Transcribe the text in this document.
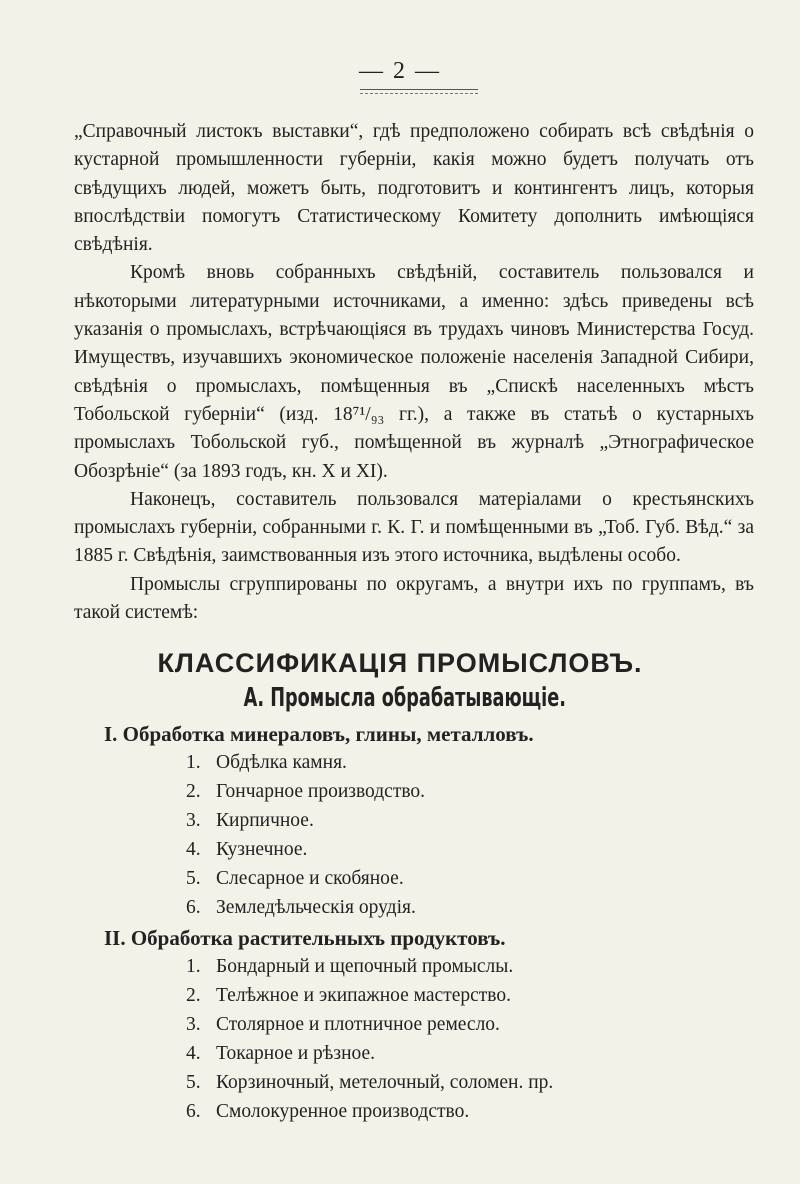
— 2 —

„Справочный листокъ выставки“, гдѣ предположено собирать всѣ свѣдѣнія о кустарной промышленности губерніи, какія можно будетъ получать отъ свѣдущихъ людей, можетъ быть, подготовитъ и контингентъ лицъ, которыя впослѣдствіи помогутъ Статистическому Комитету дополнить имѣющіяся свѣдѣнія.

Кромѣ вновь собранныхъ свѣдѣній, составитель пользовался и нѣкоторыми литературными источниками, а именно: здѣсь приведены всѣ указанія о промыслахъ, встрѣчающіяся въ трудахъ чиновъ Министерства Госуд. Имуществъ, изучавшихъ экономическое положеніе населенія Западной Сибири, свѣдѣнія о промыслахъ, помѣщенныя въ „Спискѣ населенныхъ мѣстъ Тобольской губерніи“ (изд. 18⁷¹/₉₃ гг.), а также въ статьѣ о кустарныхъ промыслахъ Тобольской губ., помѣщенной въ журналѣ „Этнографическое Обозрѣніе“ (за 1893 годъ, кн. X и XI).

Наконецъ, составитель пользовался матеріалами о крестьянскихъ промыслахъ губерніи, собранными г. К. Г. и помѣщенными въ „Тоб. Губ. Вѣд.“ за 1885 г. Свѣдѣнія, заимствованныя изъ этого источника, выдѣлены особо.

Промыслы сгруппированы по округамъ, а внутри ихъ по группамъ, въ такой системѣ:

КЛАССИФИКАЦІЯ ПРОМЫСЛОВЪ.
А. Промысла обрабатывающіе.
I. Обработка минераловъ, глины, металловъ.
1. Обдѣлка камня.
2. Гончарное производство.
3. Кирпичное.
4. Кузнечное.
5. Слесарное и скобяное.
6. Земледѣльческія орудія.
II. Обработка растительныхъ продуктовъ.
1. Бондарный и щепочный промыслы.
2. Телѣжное и экипажное мастерство.
3. Столярное и плотничное ремесло.
4. Токарное и рѣзное.
5. Корзиночный, метелочный, соломен. пр.
6. Смолокуренное производство.
